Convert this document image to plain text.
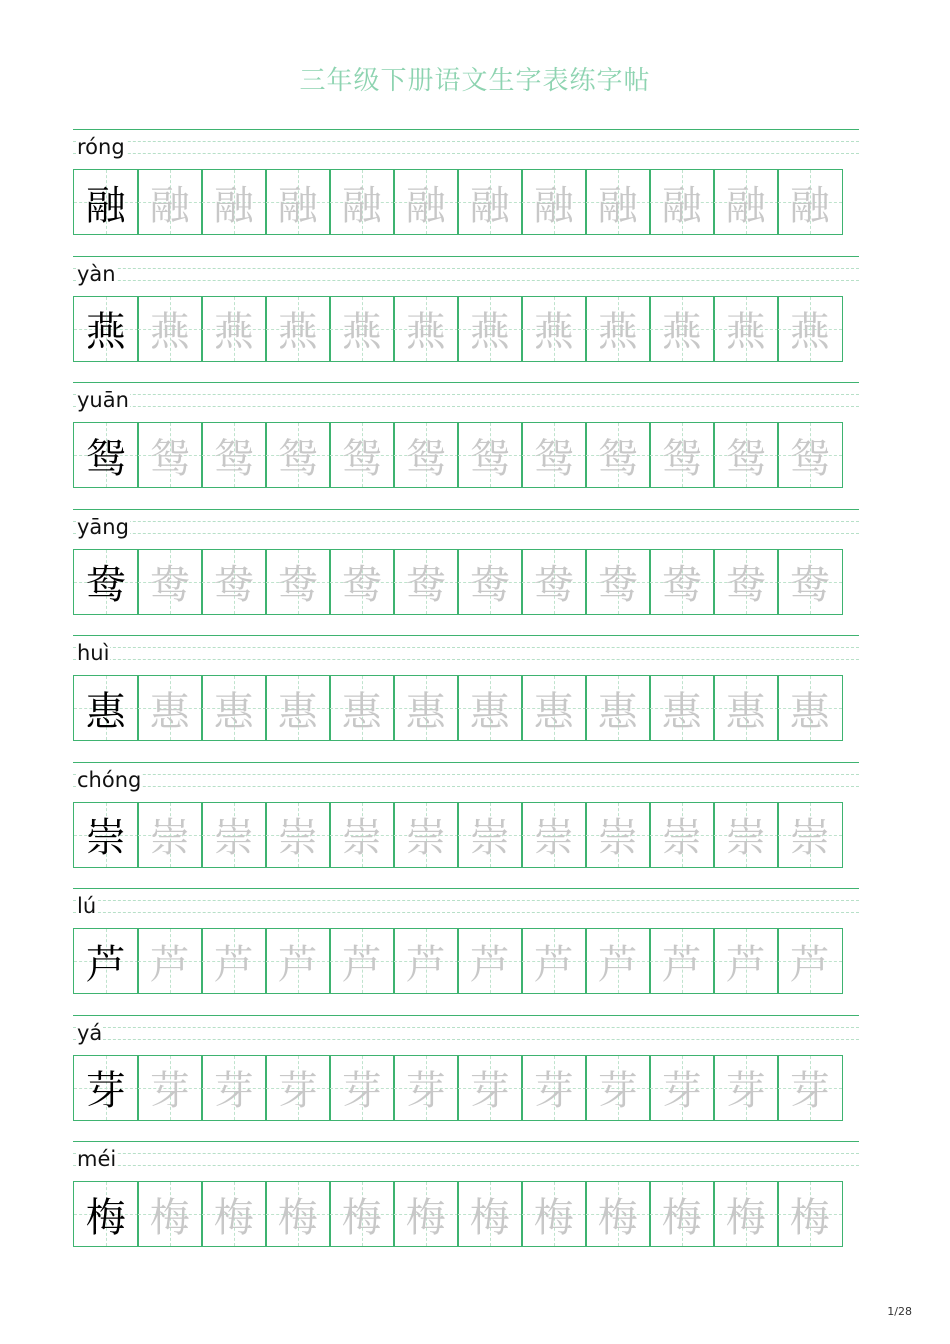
三年级下册语文生字表练字帖
róng
融 融 融 融 融 融 融 融 融 融 融 融
yàn
燕 燕 燕 燕 燕 燕 燕 燕 燕 燕 燕 燕
yuān
鸳 鸳 鸳 鸳 鸳 鸳 鸳 鸳 鸳 鸳 鸳 鸳
yāng
鸯 鸯 鸯 鸯 鸯 鸯 鸯 鸯 鸯 鸯 鸯 鸯
huì
惠 惠 惠 惠 惠 惠 惠 惠 惠 惠 惠 惠
chóng
崇 崇 崇 崇 崇 崇 崇 崇 崇 崇 崇 崇
lú
芦 芦 芦 芦 芦 芦 芦 芦 芦 芦 芦 芦
yá
芽 芽 芽 芽 芽 芽 芽 芽 芽 芽 芽 芽
méi
梅 梅 梅 梅 梅 梅 梅 梅 梅 梅 梅 梅
1/28
